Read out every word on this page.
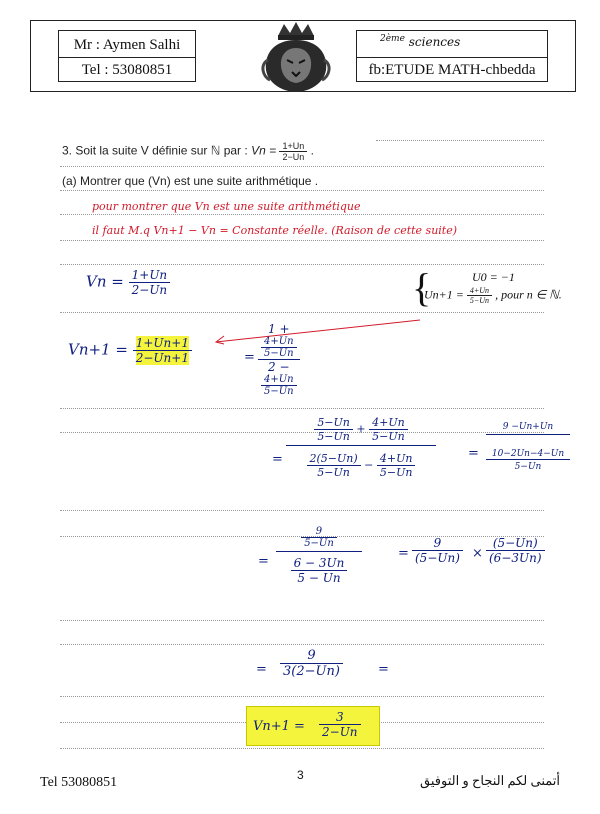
Mr : Aymen Salhi
Tel : 53080851	fb:ETUDE MATH-chbedda
$^{2ème}$ sciences
3. Soit la suite V définie sur ℕ par : $Vn = \frac{1+Un}{2-Un}$ .
(a) Montrer que (Vn) est une suite arithmétique .
pour montrer que Vn est une suite arithmétique
il faut M.q Vn+1 − Vn = Constante réelle. (Raison de cette suite)
$Vn = \frac{1+Un}{2-Un}$	{	U0 = −1
$Un+1 = \frac{4+Un}{5-Un}$ , pour n ∈ ℕ.
$Vn+1 = \frac{1+Un+1}{2-Un+1}$	= 1 +
$\frac{4+Un}{5-Un}$
2 −
$\frac{4+Un}{5-Un}$
=
$\frac{5-Un}{5-Un} + \frac{4+Un}{5-Un}$
$\frac{2(5-Un)}{5-Un} - \frac{4+Un}{5-Un}$	=
9 −Un+Un
10−2Un−4−Un
5−Un
=
$\frac{9}{5-Un}$
$\frac{6 - 3Un}{5 - Un}$
= $\frac{9}{(5-Un)} \times \frac{(5-Un)}{(6-3Un)}$
= $\frac{9}{3(2-Un)}$	=
$Vn+1 = \frac{3}{2-Un}$
Tel 53080851	3	أتمنى لكم النجاح و التوفيق
